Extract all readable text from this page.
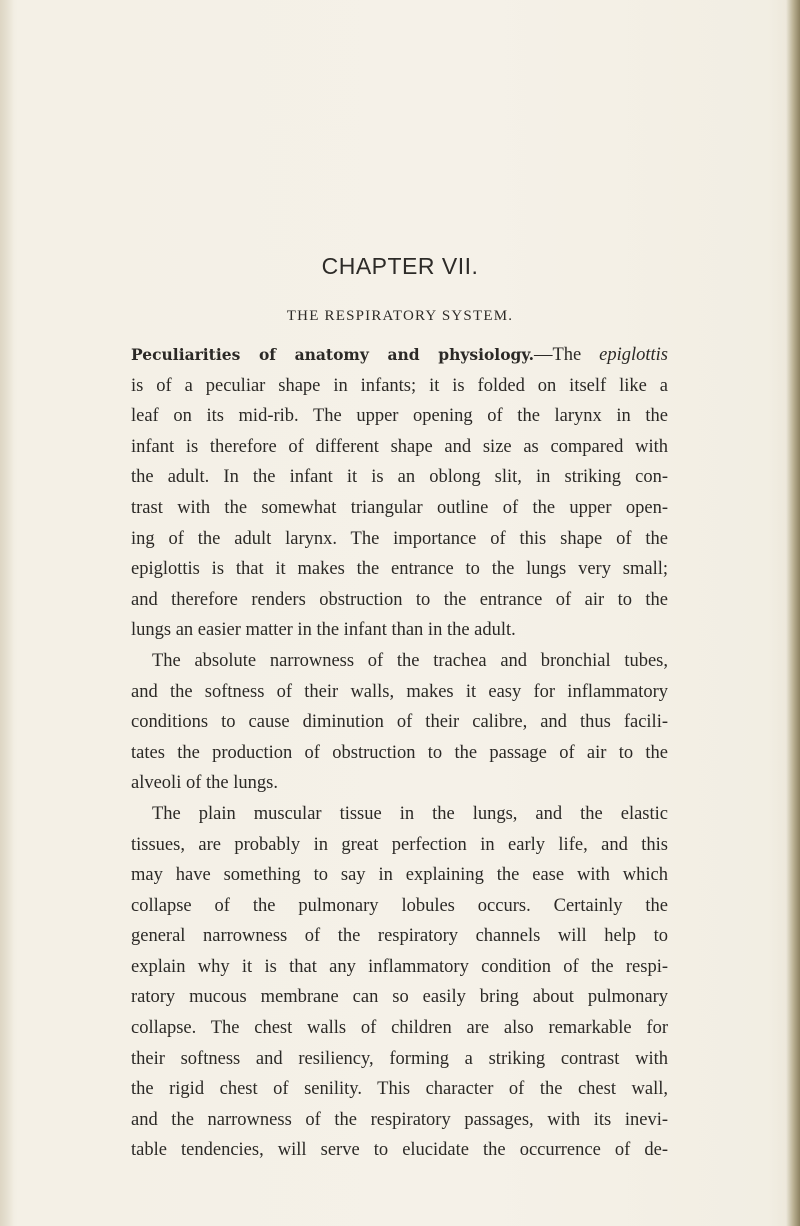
CHAPTER VII.
THE RESPIRATORY SYSTEM.
Peculiarities of anatomy and physiology.—The epiglottis
is of a peculiar shape in infants; it is folded on itself like a
leaf on its mid-rib. The upper opening of the larynx in the
infant is therefore of different shape and size as compared with
the adult. In the infant it is an oblong slit, in striking con-
trast with the somewhat triangular outline of the upper open-
ing of the adult larynx. The importance of this shape of the
epiglottis is that it makes the entrance to the lungs very small;
and therefore renders obstruction to the entrance of air to the
lungs an easier matter in the infant than in the adult.
The absolute narrowness of the trachea and bronchial tubes,
and the softness of their walls, makes it easy for inflammatory
conditions to cause diminution of their calibre, and thus facili-
tates the production of obstruction to the passage of air to the
alveoli of the lungs.
The plain muscular tissue in the lungs, and the elastic
tissues, are probably in great perfection in early life, and this
may have something to say in explaining the ease with which
collapse of the pulmonary lobules occurs. Certainly the
general narrowness of the respiratory channels will help to
explain why it is that any inflammatory condition of the respi-
ratory mucous membrane can so easily bring about pulmonary
collapse. The chest walls of children are also remarkable for
their softness and resiliency, forming a striking contrast with
the rigid chest of senility. This character of the chest wall,
and the narrowness of the respiratory passages, with its inevi-
table tendencies, will serve to elucidate the occurrence of de-
